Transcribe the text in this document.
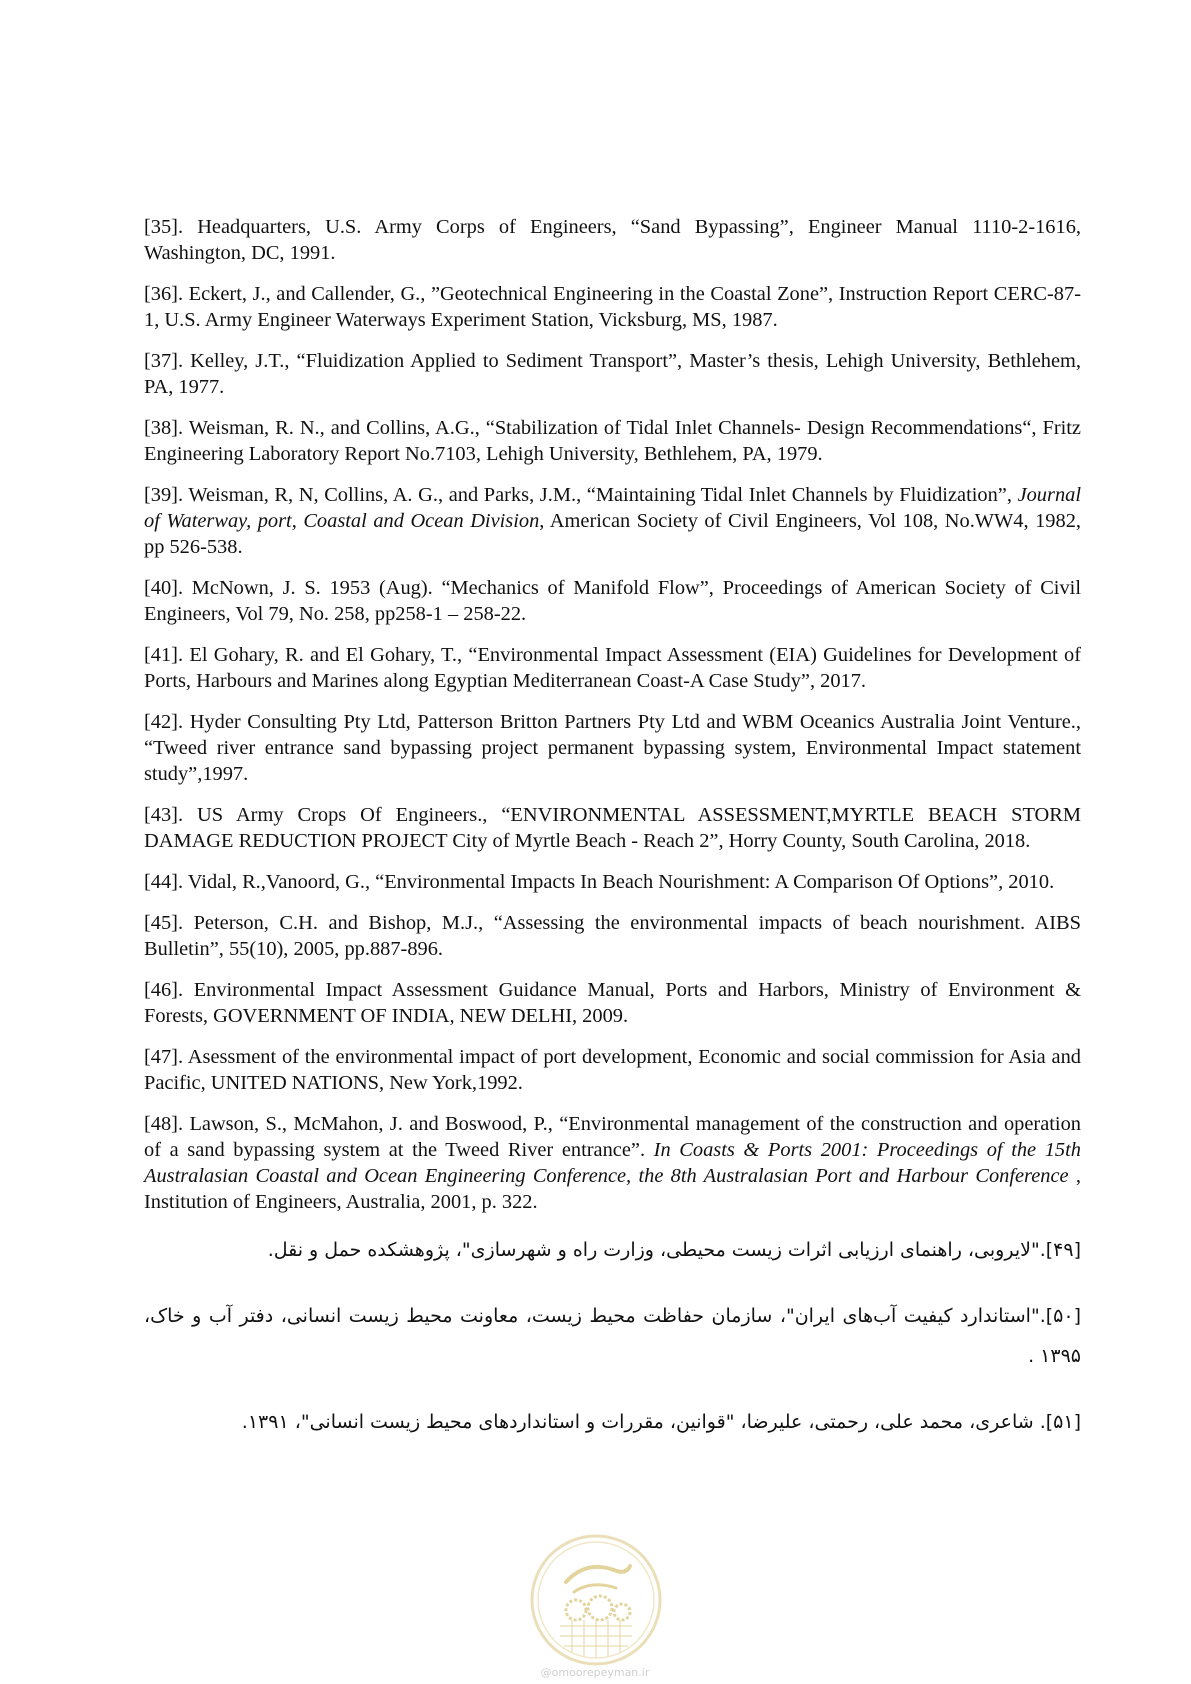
[35]. Headquarters, U.S. Army Corps of Engineers, “Sand Bypassing”, Engineer Manual 1110-2-1616, Washington, DC, 1991.

[36]. Eckert, J., and Callender, G., ”Geotechnical Engineering in the Coastal Zone”, Instruction Report CERC-87-1, U.S. Army Engineer Waterways Experiment Station, Vicksburg, MS, 1987.

[37]. Kelley, J.T., “Fluidization Applied to Sediment Transport”, Master’s thesis, Lehigh University, Bethlehem, PA, 1977.

[38]. Weisman, R. N., and Collins, A.G., “Stabilization of Tidal Inlet Channels- Design Recommendations“, Fritz Engineering Laboratory Report No.7103, Lehigh University, Bethlehem, PA, 1979.

[39]. Weisman, R, N, Collins, A. G., and Parks, J.M., “Maintaining Tidal Inlet Channels by Fluidization”, Journal of Waterway, port, Coastal and Ocean Division, American Society of Civil Engineers, Vol 108, No.WW4, 1982, pp 526-538.

[40]. McNown, J. S. 1953 (Aug). “Mechanics of Manifold Flow”, Proceedings of American Society of Civil Engineers, Vol 79, No. 258, pp258-1 – 258-22.

[41]. El Gohary, R. and El Gohary, T., “Environmental Impact Assessment (EIA) Guidelines for Development of Ports, Harbours and Marines along Egyptian Mediterranean Coast-A Case Study”, 2017.

[42]. Hyder Consulting Pty Ltd, Patterson Britton Partners Pty Ltd and WBM Oceanics Australia Joint Venture., “Tweed river entrance sand bypassing project permanent bypassing system, Environmental Impact statement study”,1997.

[43]. US Army Crops Of Engineers., “ENVIRONMENTAL ASSESSMENT,MYRTLE BEACH STORM DAMAGE REDUCTION PROJECT City of Myrtle Beach - Reach 2”, Horry County, South Carolina, 2018.

[44]. Vidal, R.,Vanoord, G., “Environmental Impacts In Beach Nourishment: A Comparison Of Options”, 2010.

[45]. Peterson, C.H. and Bishop, M.J., “Assessing the environmental impacts of beach nourishment. AIBS Bulletin”, 55(10), 2005, pp.887-896.

[46]. Environmental Impact Assessment Guidance Manual, Ports and Harbors, Ministry of Environment & Forests, GOVERNMENT OF INDIA, NEW DELHI, 2009.

[47]. Asessment of the environmental impact of port development, Economic and social commission for Asia and Pacific, UNITED NATIONS, New York,1992.

[48]. Lawson, S., McMahon, J. and Boswood, P., “Environmental management of the construction and operation of a sand bypassing system at the Tweed River entrance”. In Coasts & Ports 2001: Proceedings of the 15th Australasian Coastal and Ocean Engineering Conference, the 8th Australasian Port and Harbour Conference , Institution of Engineers, Australia, 2001, p. 322.

[۴۹]."لایروبی، راهنمای ارزیابی اثرات زیست محیطی، وزارت راه و شهرسازی"، پژوهشکده حمل و نقل.

[۵۰]."استاندارد کیفیت آب‌های ایران"، سازمان حفاظت محیط زیست، معاونت محیط زیست انسانی، دفتر آب و خاک، ۱۳۹۵ .

[۵۱]. شاعری، محمد علی، رحمتی، علیرضا، "قوانین، مقررات و استانداردهای محیط زیست انسانی"، ۱۳۹۱.

@omoorepeyman.ir
